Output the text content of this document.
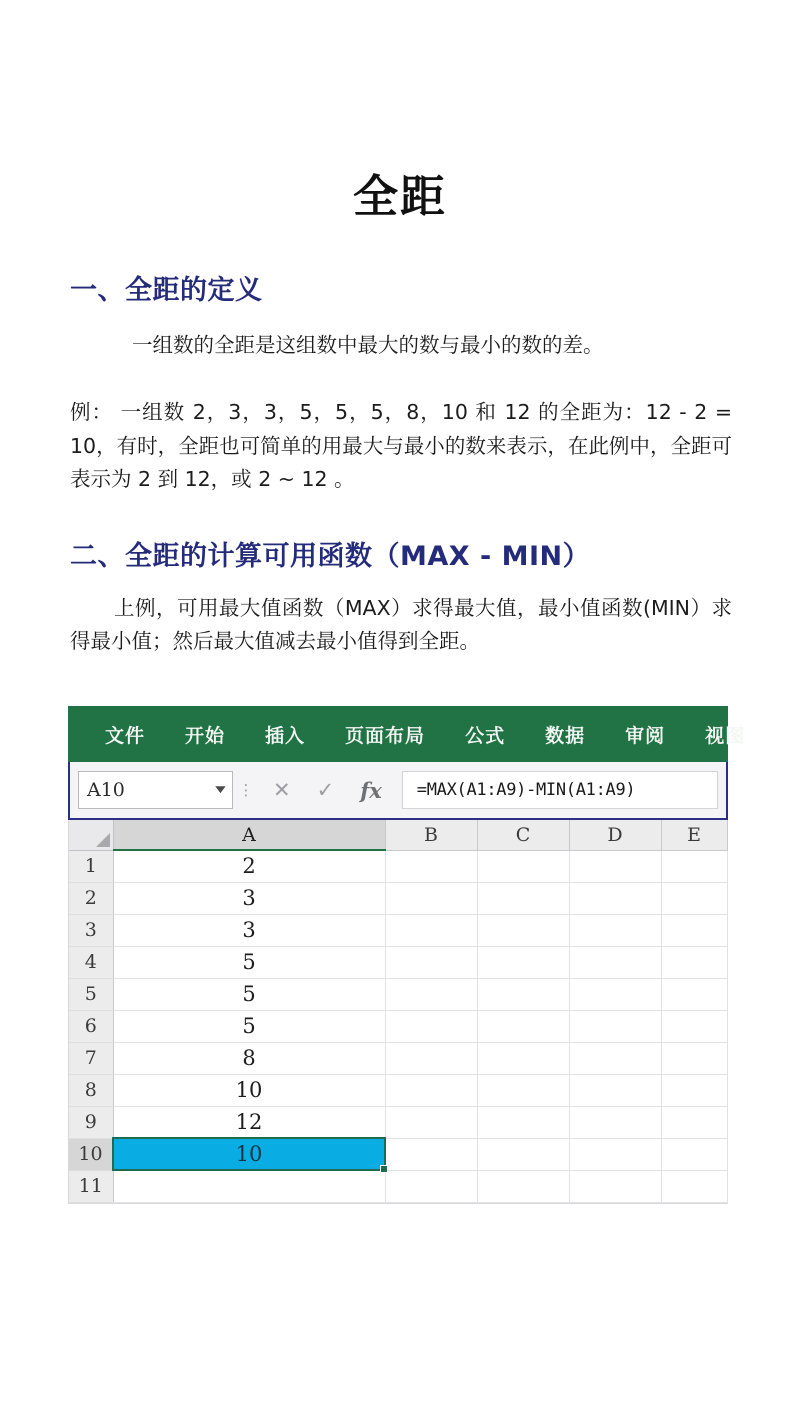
全距
一、全距的定义

一组数的全距是这组数中最大的数与最小的数的差。

例： 一组数 2，3，3，5，5，5，8，10 和 12 的全距为：12 - 2 = 10，有时，全距也可简单的用最大与最小的数来表示，在此例中，全距可表示为 2 到 12，或 2 ~ 12 。

二、全距的计算可用函数（MAX - MIN）

上例，可用最大值函数（MAX）求得最大值，最小值函数(MIN）求得最小值；然后最大值减去最小值得到全距。

文件	开始	插入	页面布局	公式	数据	审阅	视图
A10	▼ ⋮ ✕ ✓ fx	=MAX(A1:A9)-MIN(A1:A9)
	A	B	C	D	E
1	2				
2	3				
3	3				
4	5				
5	5				
6	5				
7	8				
8	10				
9	12				
10	10

11					
